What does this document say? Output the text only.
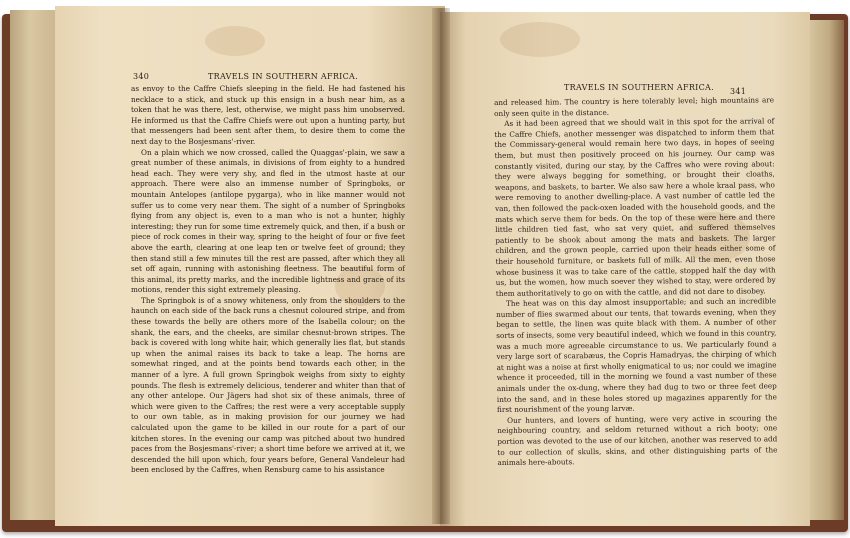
340	TRAVELS IN SOUTHERN AFRICA.

as envoy to the Caffre Chiefs sleeping in the field. He had fastened his necklace to a stick, and stuck up this ensign in a bush near him, as a token that he was there, lest, otherwise, we might pass him unobserved. He informed us that the Caffre Chiefs were out upon a hunting party, but that messengers had been sent after them, to desire them to come the next day to the Bosjesmans'-river.

On a plain which we now crossed, called the Quaggas'-plain, we saw a great number of these animals, in divisions of from eighty to a hundred head each. They were very shy, and fled in the utmost haste at our approach. There were also an immense number of Springboks, or mountain Antelopes (antilope pygarga), who in like manner would not suffer us to come very near them. The sight of a number of Springboks flying from any object is, even to a man who is not a hunter, highly interesting; they run for some time extremely quick, and then, if a bush or piece of rock comes in their way, spring to the height of four or five feet above the earth, clearing at one leap ten or twelve feet of ground; they then stand still a few minutes till the rest are passed, after which they all set off again, running with astonishing fleetness. The beautiful form of this animal, its pretty marks, and the incredible lightness and grace of its motions, render this sight extremely pleasing.

The Springbok is of a snowy whiteness, only from the shoulders to the haunch on each side of the back runs a chesnut coloured stripe, and from these towards the belly are others more of the Isabella colour; on the shank, the ears, and the cheeks, are similar chesnut-brown stripes. The back is covered with long white hair, which generally lies flat, but stands up when the animal raises its back to take a leap. The horns are somewhat ringed, and at the points bend towards each other, in the manner of a lyre. A full grown Springbok weighs from sixty to eighty pounds. The flesh is extremely delicious, tenderer and whiter than that of any other antelope. Our Jägers had shot six of these animals, three of which were given to the Caffres; the rest were a very acceptable supply to our own table, as in making provision for our journey we had calculated upon the game to be killed in our route for a part of our kitchen stores. In the evening our camp was pitched about two hundred paces from the Bosjesmans'-river; a short time before we arrived at it, we descended the hill upon which, four years before, General Vandeleur had been enclosed by the Caffres, when Rensburg came to his assistance

TRAVELS IN SOUTHERN AFRICA. 341

and released him. The country is here tolerably level; high mountains are only seen quite in the distance.

As it had been agreed that we should wait in this spot for the arrival of the Caffre Chiefs, another messenger was dispatched to inform them that the Commissary-general would remain here two days, in hopes of seeing them, but must then positively proceed on his journey. Our camp was constantly visited, during our stay, by the Caffres who were roving about: they were always begging for something, or brought their cloaths, weapons, and baskets, to barter. We also saw here a whole kraal pass, who were removing to another dwelling-place. A vast number of cattle led the van, then followed the pack-oxen loaded with the household goods, and the mats which serve them for beds. On the top of these were here and there little children tied fast, who sat very quiet, and suffered themselves patiently to be shook about among the mats and baskets. The larger children, and the grown people, carried upon their heads either some of their household furniture, or baskets full of milk. All the men, even those whose business it was to take care of the cattle, stopped half the day with us, but the women, how much soever they wished to stay, were ordered by them authoritatively to go on with the cattle, and did not dare to disobey.

The heat was on this day almost insupportable; and such an incredible number of flies swarmed about our tents, that towards evening, when they began to settle, the linen was quite black with them. A number of other sorts of insects, some very beautiful indeed, which we found in this country, was a much more agreeable circumstance to us. We particularly found a very large sort of scarabæus, the Copris Hamadryas, the chirping of which at night was a noise at first wholly enigmatical to us; nor could we imagine whence it proceeded, till in the morning we found a vast number of these animals under the ox-dung, where they had dug to two or three feet deep into the sand, and in these holes stored up magazines apparently for the first nourishment of the young larvæ.

Our hunters, and lovers of hunting, were very active in scouring the neighbouring country, and seldom returned without a rich booty; one portion was devoted to the use of our kitchen, another was reserved to add to our collection of skulls, skins, and other distinguishing parts of the animals here-abouts.
